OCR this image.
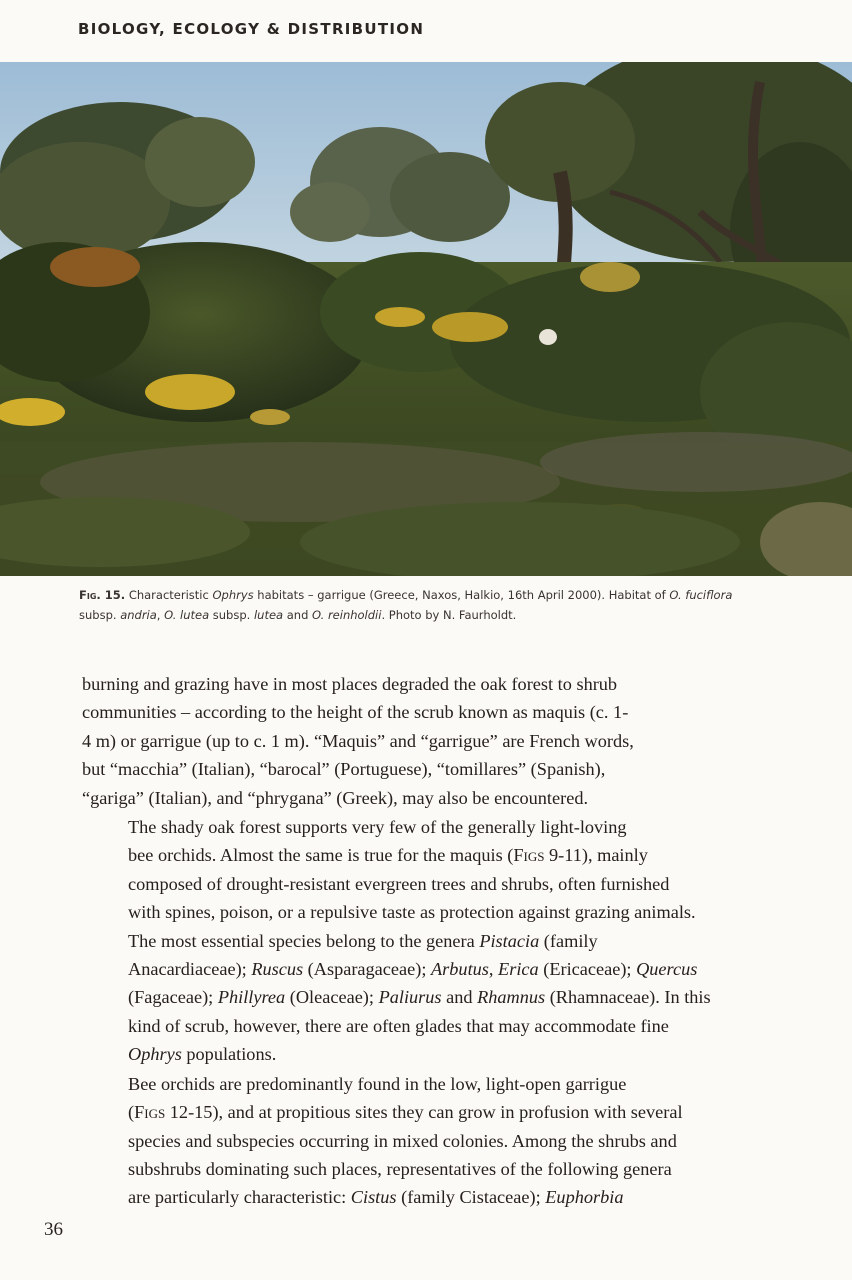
BIOLOGY, ECOLOGY & DISTRIBUTION
Fig. 15. Characteristic Ophrys habitats – garrigue (Greece, Naxos, Halkio, 16th April 2000). Habitat of O. fuciflora
subsp. andria, O. lutea subsp. lutea and O. reinholdii. Photo by N. Faurholdt.

burning and grazing have in most places degraded the oak forest to shrub
communities – according to the height of the scrub known as maquis (c. 1-
4 m) or garrigue (up to c. 1 m). “Maquis” and “garrigue” are French words,
but “macchia” (Italian), “barocal” (Portuguese), “tomillares” (Spanish),
“gariga” (Italian), and “phrygana” (Greek), may also be encountered.

The shady oak forest supports very few of the generally light-loving
bee orchids. Almost the same is true for the maquis (Figs 9-11), mainly
composed of drought-resistant evergreen trees and shrubs, often furnished
with spines, poison, or a repulsive taste as protection against grazing animals.
The most essential species belong to the genera Pistacia (family
Anacardiaceae); Ruscus (Asparagaceae); Arbutus, Erica (Ericaceae); Quercus
(Fagaceae); Phillyrea (Oleaceae); Paliurus and Rhamnus (Rhamnaceae). In this
kind of scrub, however, there are often glades that may accommodate fine
Ophrys populations.

Bee orchids are predominantly found in the low, light-open garrigue
(Figs 12-15), and at propitious sites they can grow in profusion with several
species and subspecies occurring in mixed colonies. Among the shrubs and
subshrubs dominating such places, representatives of the following genera
are particularly characteristic: Cistus (family Cistaceae); Euphorbia

36
